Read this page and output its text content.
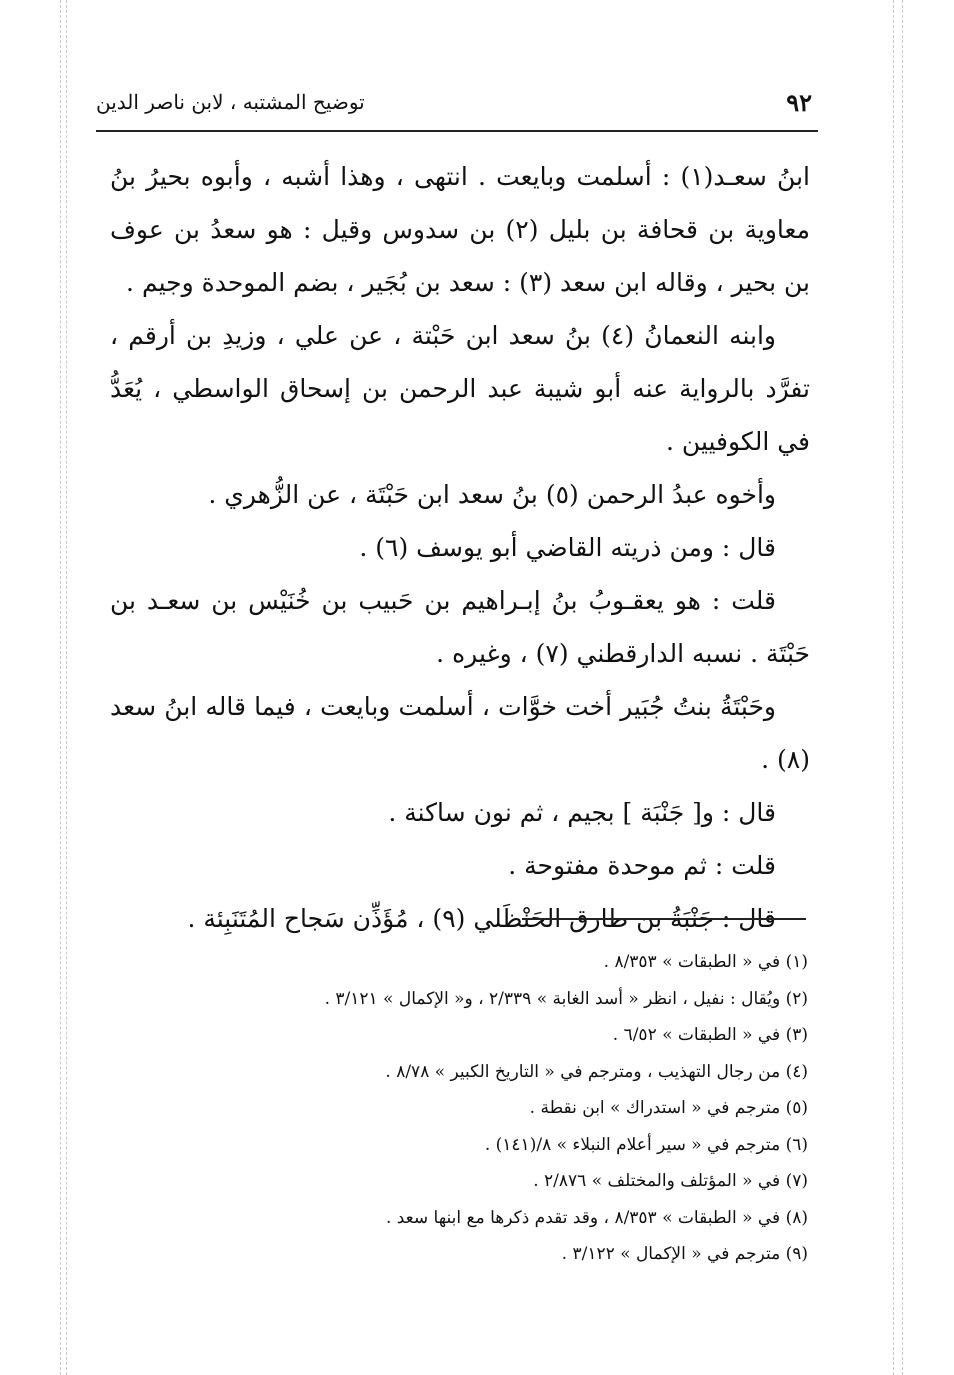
توضيح المشتبه ، لابن ناصر الدين	٩٢

ابنُ سعـد(١) : أسلمت وبايعت . انتهى ، وهذا أشبه ، وأبوه بحيرُ بنُ معاوية بن قحافة بن بليل (٢) بن سدوس وقيل : هو سعدُ بن عوف بن بحير ، وقاله ابن سعد (٣) : سعد بن بُجَير ، بضم الموحدة وجيم .

وابنه النعمانُ (٤) بنُ سعد ابن حَبْتة ، عن علي ، وزيدِ بن أرقم ، تفرَّد بالرواية عنه أبو شيبة عبد الرحمن بن إسحاق الواسطي ، يُعَدُّ في الكوفيين .

وأخوه عبدُ الرحمن (٥) بنُ سعد ابن حَبْتَة ، عن الزُّهري .

قال : ومن ذريته القاضي أبو يوسف (٦) .

قلت : هو يعقـوبُ بنُ إبـراهيم بن حَبيب بن خُنَيْس بن سعـد بن حَبْتَة . نسبه الدارقطني (٧) ، وغيره .

وحَبْتَةُ بنتُ جُبَير أخت خوَّات ، أسلمت وبايعت ، فيما قاله ابنُ سعد (٨) .

قال : و[ جَنْبَة ] بجيم ، ثم نون ساكنة .

قلت : ثم موحدة مفتوحة .

قال : جَنْبَةُ بن طارق الحَنْظَلي (٩) ، مُؤَذِّن سَجاح المُتَنَبِئة .

(١) في « الطبقات » ٨/٣٥٣ .
(٢) ويُقال : نفيل ، انظر « أسد الغابة » ٢/٣٣٩ ، و« الإكمال » ٣/١٢١ .
(٣) في « الطبقات » ٦/٥٢ .
(٤) من رجال التهذيب ، ومترجم في « التاريخ الكبير » ٨/٧٨ .
(٥) مترجم في « استدراك » ابن نقطة .
(٦) مترجم في « سير أعلام النبلاء » ٨/(١٤١) .
(٧) في « المؤتلف والمختلف » ٢/٨٧٦ .
(٨) في « الطبقات » ٨/٣٥٣ ، وقد تقدم ذكرها مع ابنها سعد .
(٩) مترجم في « الإكمال » ٣/١٢٢ .
